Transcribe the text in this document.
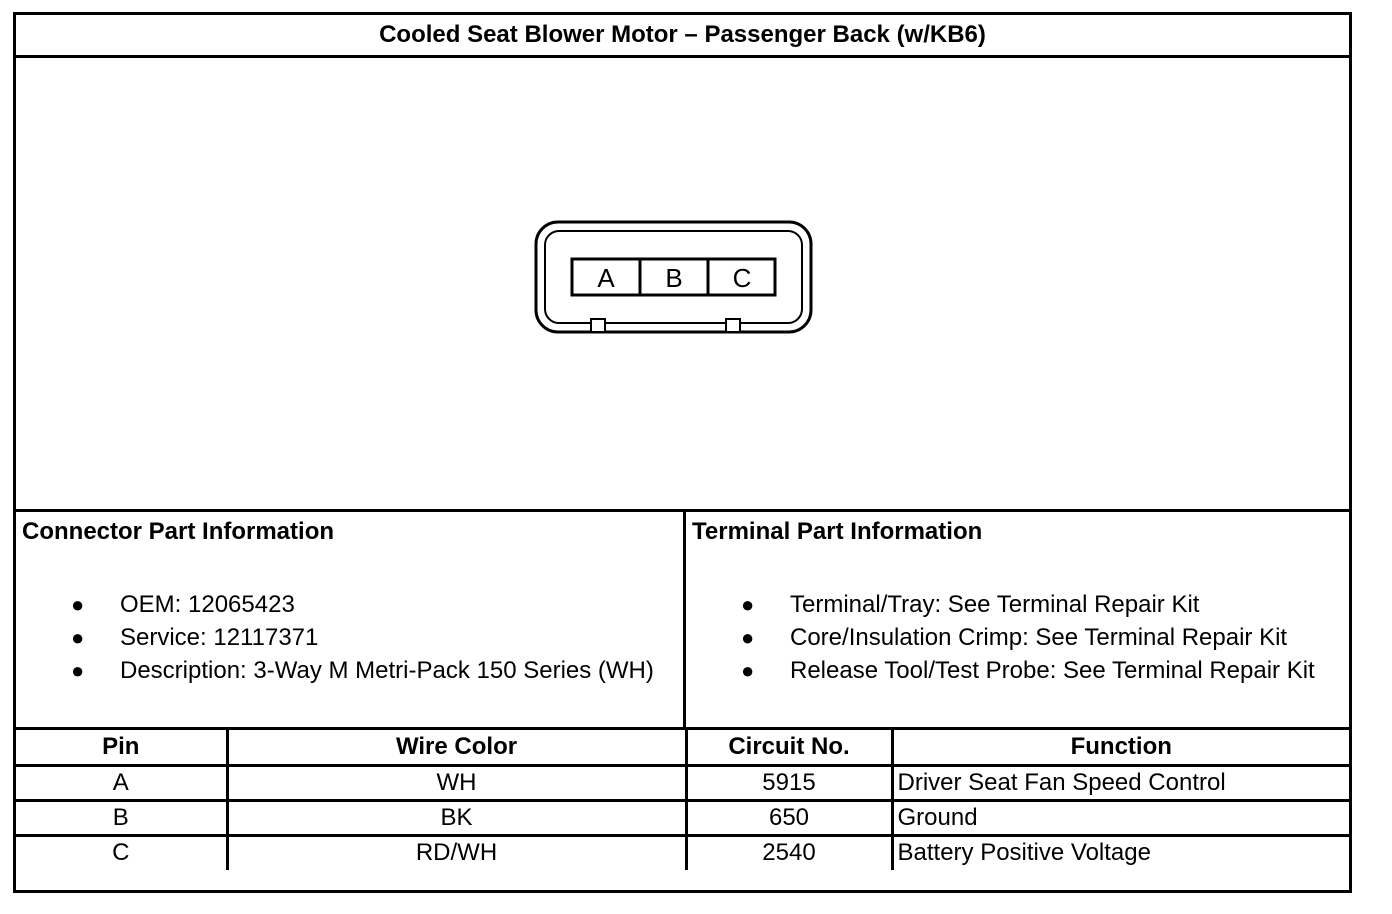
Cooled Seat Blower Motor – Passenger Back (w/KB6)
A B C
Connector Part Information
● OEM: 12065423
● Service: 12117371
● Description: 3-Way M Metri-Pack 150 Series (WH)
Terminal Part Information
● Terminal/Tray: See Terminal Repair Kit
● Core/Insulation Crimp: See Terminal Repair Kit
● Release Tool/Test Probe: See Terminal Repair Kit
Pin	Wire Color	Circuit No.	Function
A	WH	5915	Driver Seat Fan Speed Control
B	BK	650	Ground
C	RD/WH	2540	Battery Positive Voltage
